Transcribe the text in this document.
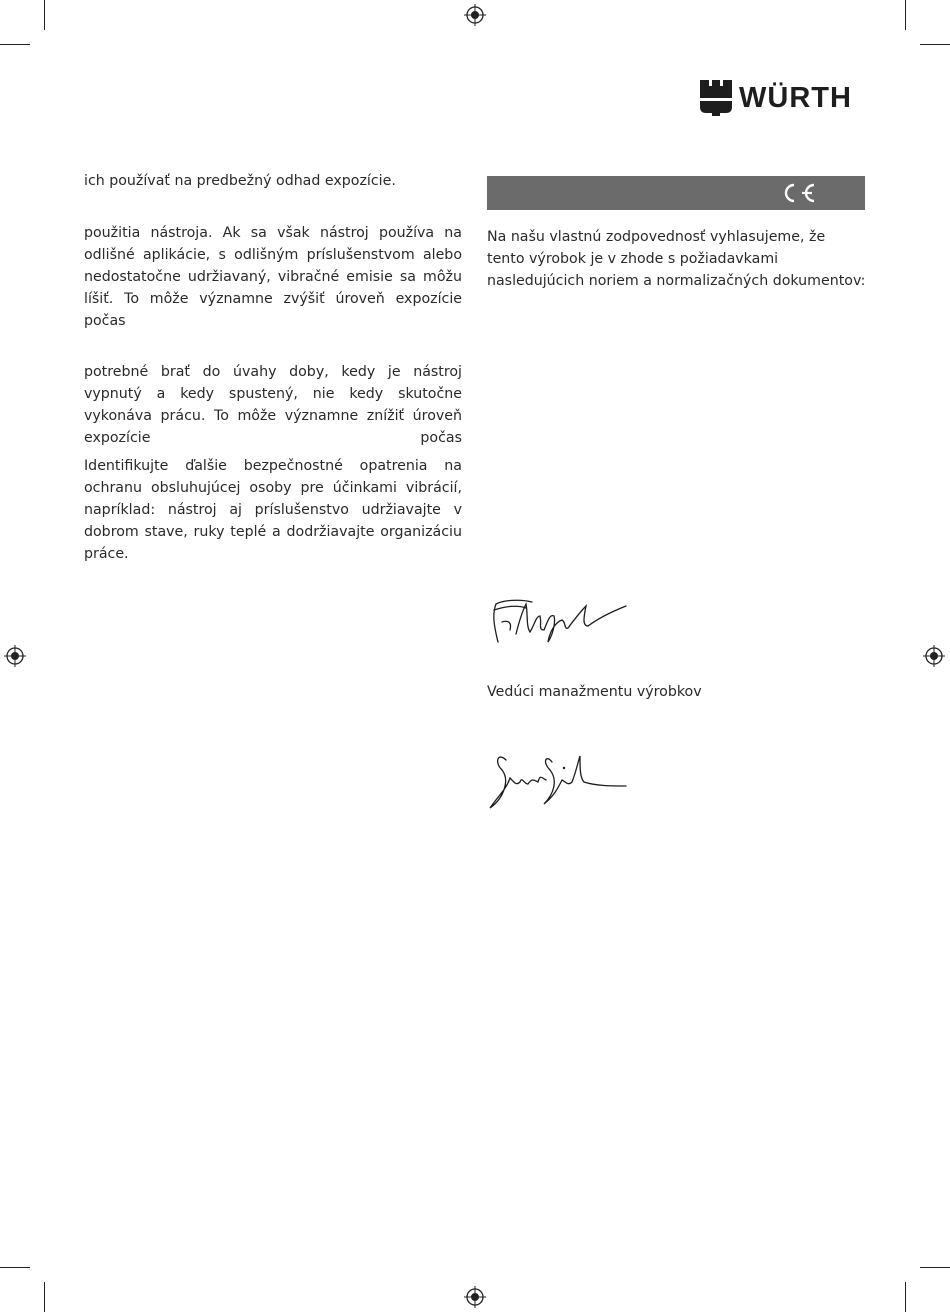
WÜRTH

ich používať na predbežný odhad expozície.

použitia nástroja. Ak sa však nástroj používa na odlišné aplikácie, s odlišným príslušenstvom alebo nedostatočne udržiavaný, vibračné emisie sa môžu líšiť. To môže významne zvýšiť úroveň expozície počas

potrebné brať do úvahy doby, kedy je nástroj vypnutý a kedy spustený, nie kedy skutočne vykonáva prácu. To môže významne znížiť úroveň expozície počas

Identifikujte ďalšie bezpečnostné opatrenia na ochranu obsluhujúcej osoby pre účinkami vibrácií, napríklad: nástroj aj príslušenstvo udržiavajte v dobrom stave, ruky teplé a dodržiavajte organizáciu práce.

Na našu vlastnú zodpovednosť vyhlasujeme, že tento výrobok je v zhode s požiadavkami nasledujúcich noriem a normalizačných dokumentov:

Vedúci manažmentu výrobkov
